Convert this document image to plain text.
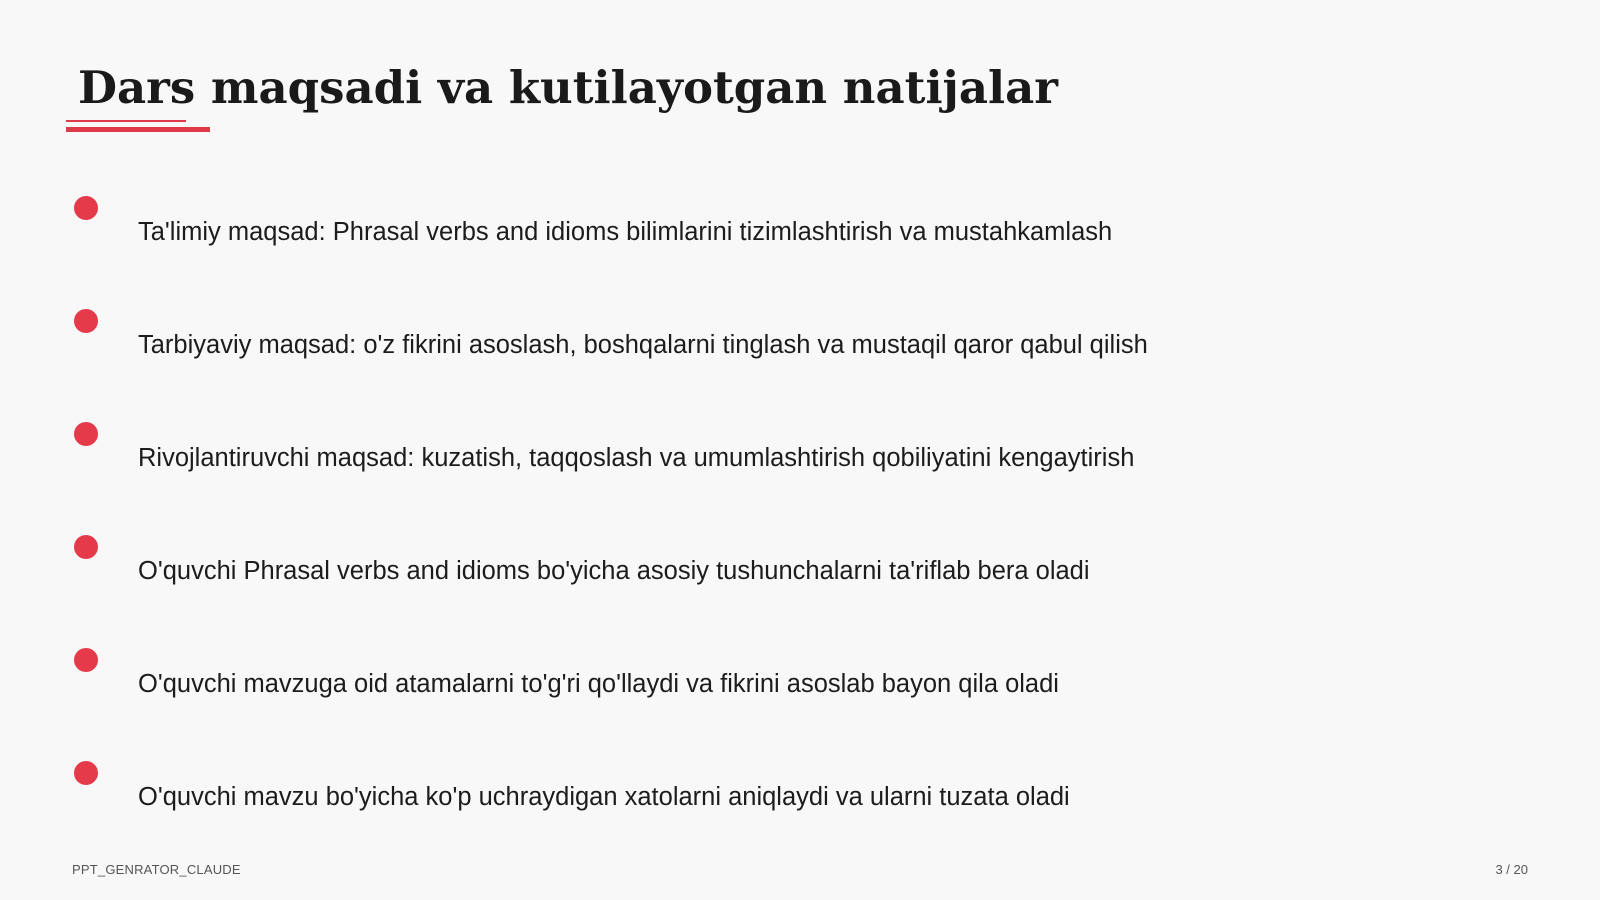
Dars maqsadi va kutilayotgan natijalar
Ta'limiy maqsad: Phrasal verbs and idioms bilimlarini tizimlashtirish va mustahkamlash
Tarbiyaviy maqsad: o'z fikrini asoslash, boshqalarni tinglash va mustaqil qaror qabul qilish
Rivojlantiruvchi maqsad: kuzatish, taqqoslash va umumlashtirish qobiliyatini kengaytirish
O'quvchi Phrasal verbs and idioms bo'yicha asosiy tushunchalarni ta'riflab bera oladi
O'quvchi mavzuga oid atamalarni to'g'ri qo'llaydi va fikrini asoslab bayon qila oladi
O'quvchi mavzu bo'yicha ko'p uchraydigan xatolarni aniqlaydi va ularni tuzata oladi
PPT_GENRATOR_CLAUDE	3 / 20
